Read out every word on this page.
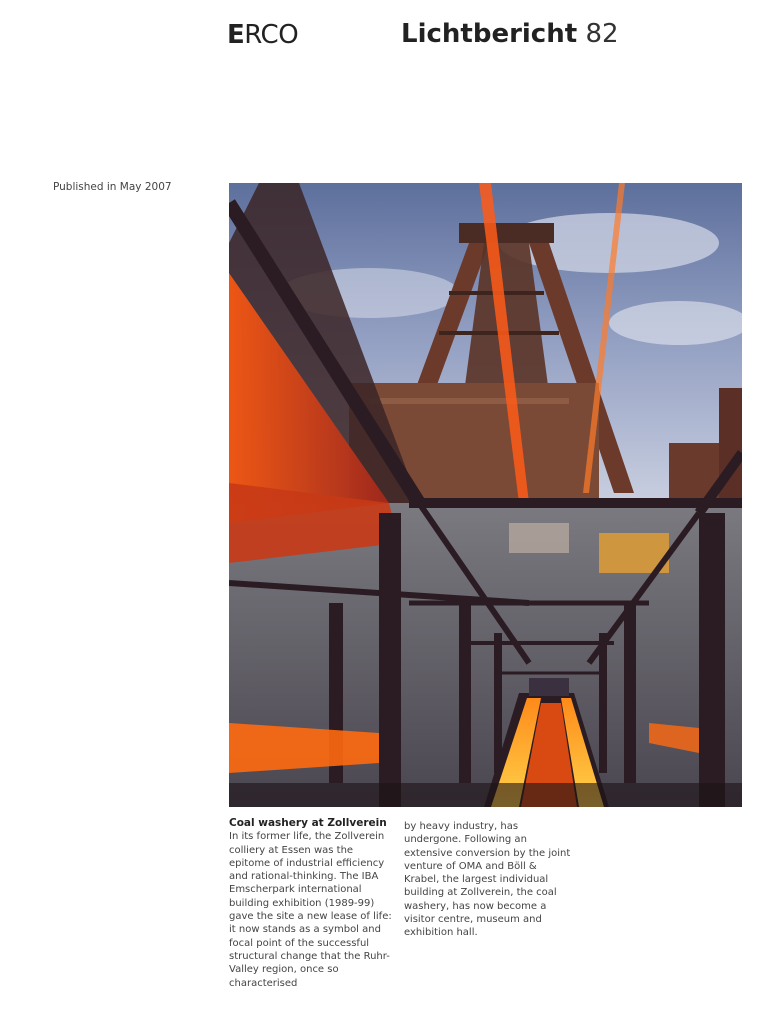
ERCO	Lichtbericht 82
Published in May 2007
Coal washery at Zollverein
In its former life, the Zollverein colliery at Essen was the epitome of industrial efficiency and rational-thinking. The IBA Emscherpark international building exhibition (1989-99) gave the site a new lease of life: it now stands as a symbol and focal point of the successful structural change that the Ruhr-Valley region, once so characterised
by heavy industry, has undergone. Following an extensive conversion by the joint venture of OMA and Böll & Krabel, the largest individual building at Zollverein, the coal washery, has now become a visitor centre, museum and exhibition hall.
